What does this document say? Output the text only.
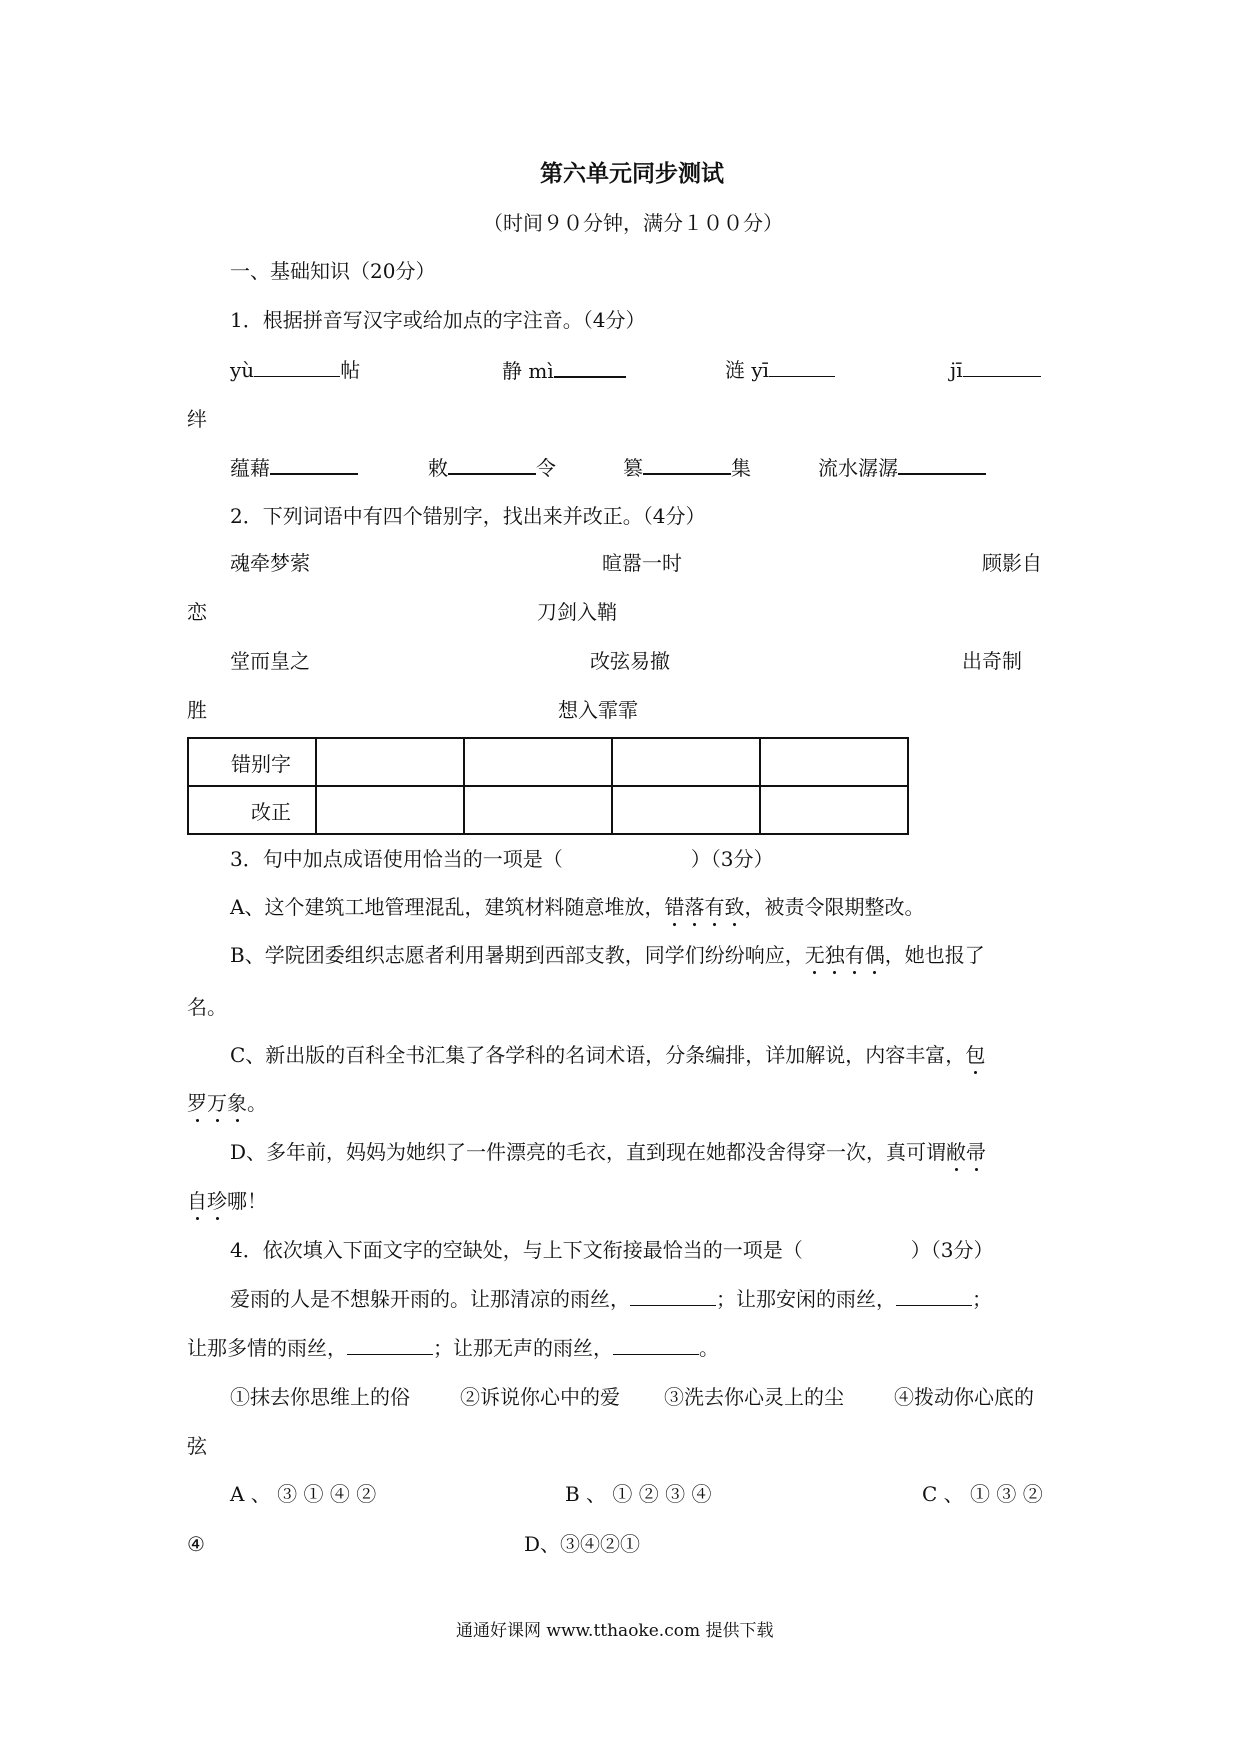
第六单元同步测试
（时间９０分钟，满分１００分）
一、基础知识（20分）
1．根据拼音写汉字或给加点的字注音。（4分）
yù	帖	静 mì	涟 yī	jī
绊
蕴藉	敕	令	篡	集	流水潺潺
2．下列词语中有四个错别字，找出来并改正。（4分）
魂牵梦萦	暄嚣一时	顾影自
恋	刀剑入鞘
堂而皇之	改弦易撤	出奇制
胜	想入霏霏
错别字				
改正				
3．句中加点成语使用恰当的一项是（	）（3分）
A、这个建筑工地管理混乱，建筑材料随意堆放，错落有致，被责令限期整改。
B、学院团委组织志愿者利用暑期到西部支教，同学们纷纷响应，无独有偶，她也报了
名。
C、新出版的百科全书汇集了各学科的名词术语，分条编排，详加解说，内容丰富，包
罗万象。
D、多年前，妈妈为她织了一件漂亮的毛衣，直到现在她都没舍得穿一次，真可谓敝帚
自珍哪！
4．依次填入下面文字的空缺处，与上下文衔接最恰当的一项是（	）（3分）
爱雨的人是不想躲开雨的。让那清凉的雨丝，	；让那安闲的雨丝，	；
让那多情的雨丝，	；让那无声的雨丝，	。
①抹去你思维上的俗	②诉说你心中的爱 ③洗去你心灵上的尘	④拨动你心底的
弦
A 、 ③ ① ④ ②	B 、 ① ② ③ ④	C 、 ① ③ ②
④	D、③④②①
通通好课网 www.tthaoke.com 提供下载
